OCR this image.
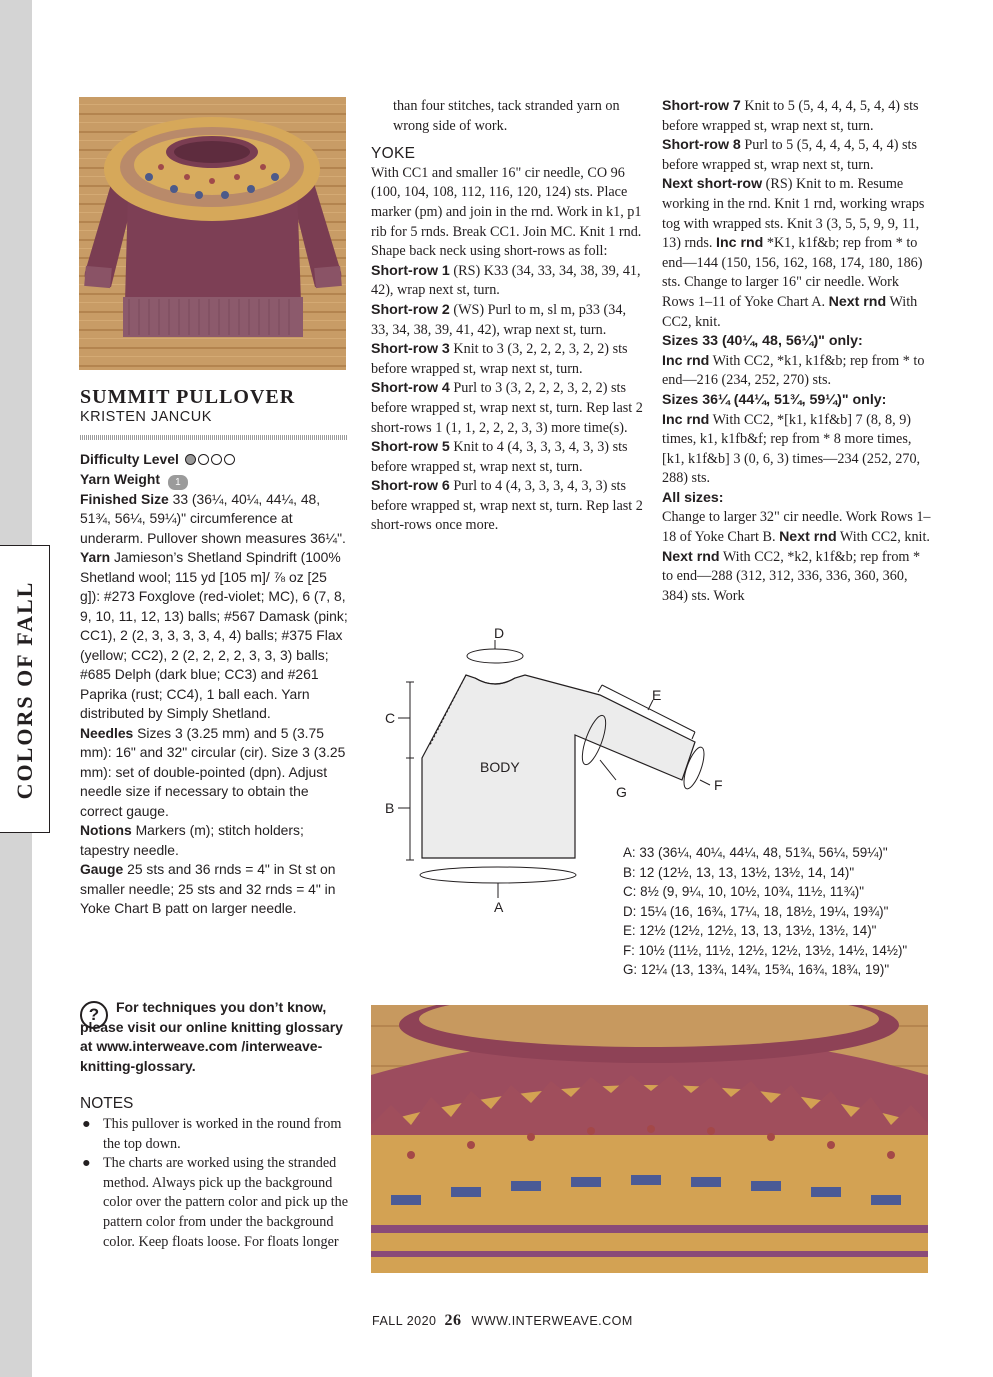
COLORS OF FALL
SUMMIT PULLOVER
KRISTEN JANCUK

Difficulty Level

Yarn Weight 1

Finished Size 33 (36¼, 40¼, 44¼, 48, 51¾, 56¼, 59¼)" circumference at underarm. Pullover shown measures 36¼".

Yarn Jamieson’s Shetland Spindrift (100% Shetland wool; 115 yd [105 m]/ ⅞ oz [25 g]): #273 Foxglove (red-violet; MC), 6 (7, 8, 9, 10, 11, 12, 13) balls; #567 Damask (pink; CC1), 2 (2, 3, 3, 3, 3, 4, 4) balls; #375 Flax (yellow; CC2), 2 (2, 2, 2, 2, 3, 3, 3) balls; #685 Delph (dark blue; CC3) and #261 Paprika (rust; CC4), 1 ball each. Yarn distributed by Simply Shetland.

Needles Sizes 3 (3.25 mm) and 5 (3.75 mm): 16" and 32" circular (cir). Size 3 (3.25 mm): set of double-pointed (dpn). Adjust needle size if necessary to obtain the correct gauge.

Notions Markers (m); stitch holders; tapestry needle.

Gauge 25 sts and 36 rnds = 4" in St st on smaller needle; 25 sts and 32 rnds = 4" in Yoke Chart B patt on larger needle.

?	For techniques you don’t know, please visit our online knitting glossary at www.interweave.com /interweave-knitting-glossary.
NOTES
● This pullover is worked in the round from the top down.
● The charts are worked using the stranded method. Always pick up the background color over the pattern color and pick up the pattern color from under the background color. Keep floats loose. For floats longer

than four stitches, tack stranded yarn on wrong side of work.

YOKE

With CC1 and smaller 16" cir needle, CO 96 (100, 104, 108, 112, 116, 120, 124) sts. Place marker (pm) and join in the rnd. Work in k1, p1 rib for 5 rnds. Break CC1. Join MC. Knit 1 rnd. Shape back neck using short-rows as foll:

Short-row 1 (RS) K33 (34, 33, 34, 38, 39, 41, 42), wrap next st, turn.

Short-row 2 (WS) Purl to m, sl m, p33 (34, 33, 34, 38, 39, 41, 42), wrap next st, turn.

Short-row 3 Knit to 3 (3, 2, 2, 2, 3, 2, 2) sts before wrapped st, wrap next st, turn.

Short-row 4 Purl to 3 (3, 2, 2, 2, 3, 2, 2) sts before wrapped st, wrap next st, turn. Rep last 2 short-rows 1 (1, 1, 2, 2, 2, 3, 3) more time(s).

Short-row 5 Knit to 4 (4, 3, 3, 3, 4, 3, 3) sts before wrapped st, wrap next st, turn.

Short-row 6 Purl to 4 (4, 3, 3, 3, 4, 3, 3) sts before wrapped st, wrap next st, turn. Rep last 2 short-rows once more.

Short-row 7 Knit to 5 (5, 4, 4, 4, 5, 4, 4) sts before wrapped st, wrap next st, turn.

Short-row 8 Purl to 5 (5, 4, 4, 4, 5, 4, 4) sts before wrapped st, wrap next st, turn.

Next short-row (RS) Knit to m. Resume working in the rnd. Knit 1 rnd, working wraps tog with wrapped sts. Knit 3 (3, 5, 5, 9, 9, 11, 13) rnds. Inc rnd *K1, k1f&b; rep from * to end—144 (150, 156, 162, 168, 174, 180, 186) sts. Change to larger 16" cir needle. Work Rows 1–11 of Yoke Chart A. Next rnd With CC2, knit.

Sizes 33 (40¼, 48, 56¼)" only:

Inc rnd With CC2, *k1, k1f&b; rep from * to end—216 (234, 252, 270) sts.

Sizes 36¼ (44¼, 51¾, 59¼)" only:

Inc rnd With CC2, *[k1, k1f&b] 7 (8, 8, 9) times, k1, k1fb&f; rep from * 8 more times, [k1, k1f&b] 3 (0, 6, 3) times—234 (252, 270, 288) sts.

All sizes:

Change to larger 32" cir needle. Work Rows 1–18 of Yoke Chart B. Next rnd With CC2, knit. Next rnd With CC2, *k2, k1f&b; rep from * to end—288 (312, 312, 336, 336, 360, 360, 384) sts. Work

BODY
A
B
C
D
E
F
G
A: 33 (36¼, 40¼, 44¼, 48, 51¾, 56¼, 59¼)"
B: 12 (12½, 13, 13, 13½, 13½, 14, 14)"
C: 8½ (9, 9¼, 10, 10½, 10¾, 11½, 11¾)"
D: 15¼ (16, 16¾, 17¼, 18, 18½, 19¼, 19¾)"
E: 12½ (12½, 12½, 13, 13, 13½, 13½, 14)"
F: 10½ (11½, 11½, 12½, 12½, 13½, 14½, 14½)"
G: 12¼ (13, 13¾, 14¾, 15¾, 16¾, 18¾, 19)"
FALL 2020 26 WWW.INTERWEAVE.COM
